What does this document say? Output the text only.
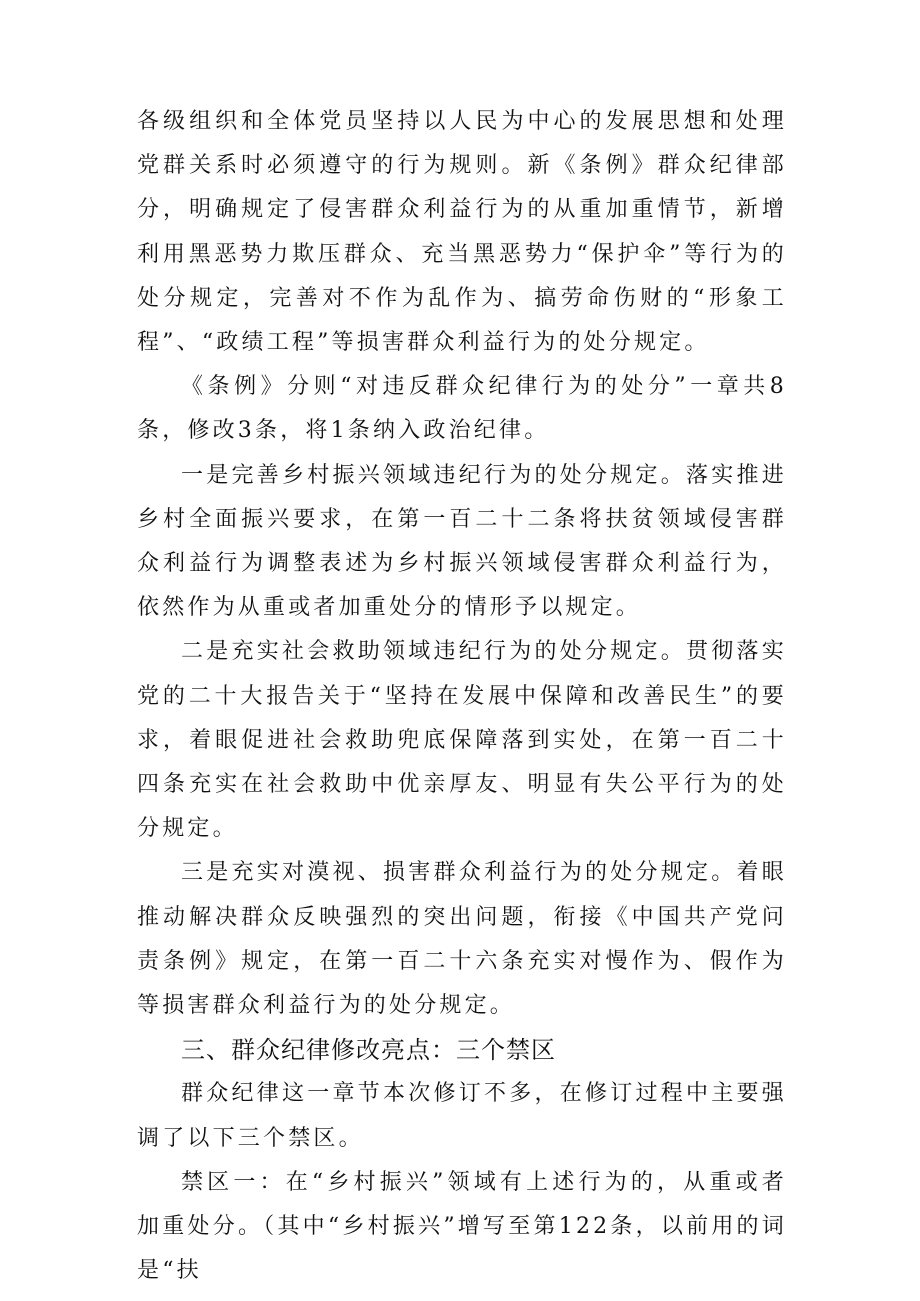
各级组织和全体党员坚持以人民为中心的发展思想和处理党群关系时必须遵守的行为规则。新《条例》群众纪律部分，明确规定了侵害群众利益行为的从重加重情节，新增利用黑恶势力欺压群众、充当黑恶势力“保护伞”等行为的处分规定，完善对不作为乱作为、搞劳命伤财的“形象工程”、“政绩工程”等损害群众利益行为的处分规定。

《条例》分则“对违反群众纪律行为的处分”一章共8条，修改3条，将1条纳入政治纪律。

一是完善乡村振兴领域违纪行为的处分规定。落实推进乡村全面振兴要求，在第一百二十二条将扶贫领域侵害群众利益行为调整表述为乡村振兴领域侵害群众利益行为，依然作为从重或者加重处分的情形予以规定。

二是充实社会救助领域违纪行为的处分规定。贯彻落实党的二十大报告关于“坚持在发展中保障和改善民生”的要求，着眼促进社会救助兜底保障落到实处，在第一百二十四条充实在社会救助中优亲厚友、明显有失公平行为的处分规定。

三是充实对漠视、损害群众利益行为的处分规定。着眼推动解决群众反映强烈的突出问题，衔接《中国共产党问责条例》规定，在第一百二十六条充实对慢作为、假作为等损害群众利益行为的处分规定。

三、群众纪律修改亮点：三个禁区

群众纪律这一章节本次修订不多，在修订过程中主要强调了以下三个禁区。

禁区一：在“乡村振兴”领域有上述行为的，从重或者加重处分。（其中“乡村振兴”增写至第122条，以前用的词是“扶
